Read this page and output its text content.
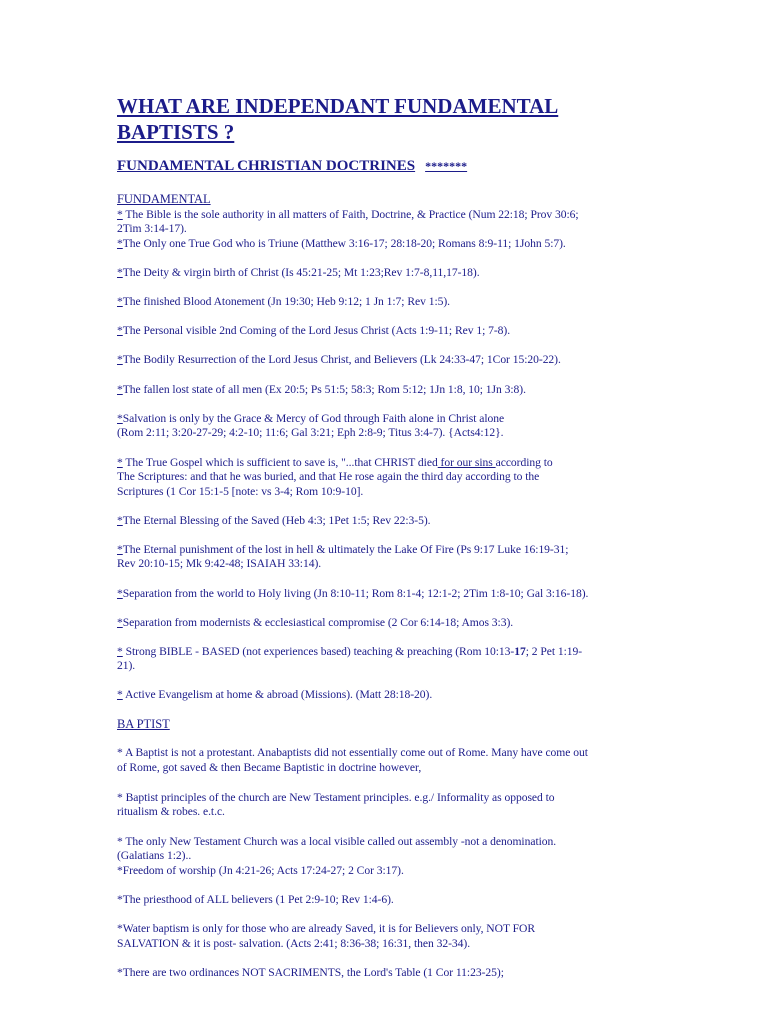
WHAT ARE INDEPENDANT FUNDAMENTAL
BAPTISTS ?
FUNDAMENTAL CHRISTIAN DOCTRINES *******
FUNDAMENTAL
* The Bible is the sole authority in all matters of Faith, Doctrine, & Practice (Num 22:18; Prov 30:6;
2Tim 3:14-17).
*The Only one True God who is Triune (Matthew 3:16-17; 28:18-20; Romans 8:9-11; 1John 5:7).
*The Deity & virgin birth of Christ (Is 45:21-25; Mt 1:23;Rev 1:7-8,11,17-18).
*The finished Blood Atonement (Jn 19:30; Heb 9:12; 1 Jn 1:7; Rev 1:5).
*The Personal visible 2nd Coming of the Lord Jesus Christ (Acts 1:9-11; Rev 1; 7-8).
*The Bodily Resurrection of the Lord Jesus Christ, and Believers (Lk 24:33-47; 1Cor 15:20-22).
*The fallen lost state of all men (Ex 20:5; Ps 51:5; 58:3; Rom 5:12; 1Jn 1:8, 10; 1Jn 3:8).
*Salvation is only by the Grace & Mercy of God through Faith alone in Christ alone
(Rom 2:11; 3:20-27-29; 4:2-10; 11:6; Gal 3:21; Eph 2:8-9; Titus 3:4-7). {Acts4:12}.
* The True Gospel which is sufficient to save is, "...that CHRIST died for our sins according to
The Scriptures: and that he was buried, and that He rose again the third day according to the
Scriptures (1 Cor 15:1-5 [note: vs 3-4; Rom 10:9-10].
*The Eternal Blessing of the Saved (Heb 4:3; 1Pet 1:5; Rev 22:3-5).
*The Eternal punishment of the lost in hell & ultimately the Lake Of Fire (Ps 9:17 Luke 16:19-31;
Rev 20:10-15; Mk 9:42-48; ISAIAH 33:14).
*Separation from the world to Holy living (Jn 8:10-11; Rom 8:1-4; 12:1-2; 2Tim 1:8-10; Gal 3:16-18).
*Separation from modernists & ecclesiastical compromise (2 Cor 6:14-18; Amos 3:3).
* Strong BIBLE - BASED (not experiences based) teaching & preaching (Rom 10:13-17; 2 Pet 1:19-
21).
* Active Evangelism at home & abroad (Missions). (Matt 28:18-20).
BA PTIST
* A Baptist is not a protestant. Anabaptists did not essentially come out of Rome. Many have come out
of Rome, got saved & then Became Baptistic in doctrine however,
* Baptist principles of the church are New Testament principles. e.g./ Informality as opposed to
ritualism & robes. e.t.c.
* The only New Testament Church was a local visible called out assembly -not a denomination.
(Galatians 1:2)..
*Freedom of worship (Jn 4:21-26; Acts 17:24-27; 2 Cor 3:17).
*The priesthood of ALL believers (1 Pet 2:9-10; Rev 1:4-6).
*Water baptism is only for those who are already Saved, it is for Believers only, NOT FOR
SALVATION & it is post- salvation. (Acts 2:41; 8:36-38; 16:31, then 32-34).
*There are two ordinances NOT SACRIMENTS, the Lord's Table (1 Cor 11:23-25);
